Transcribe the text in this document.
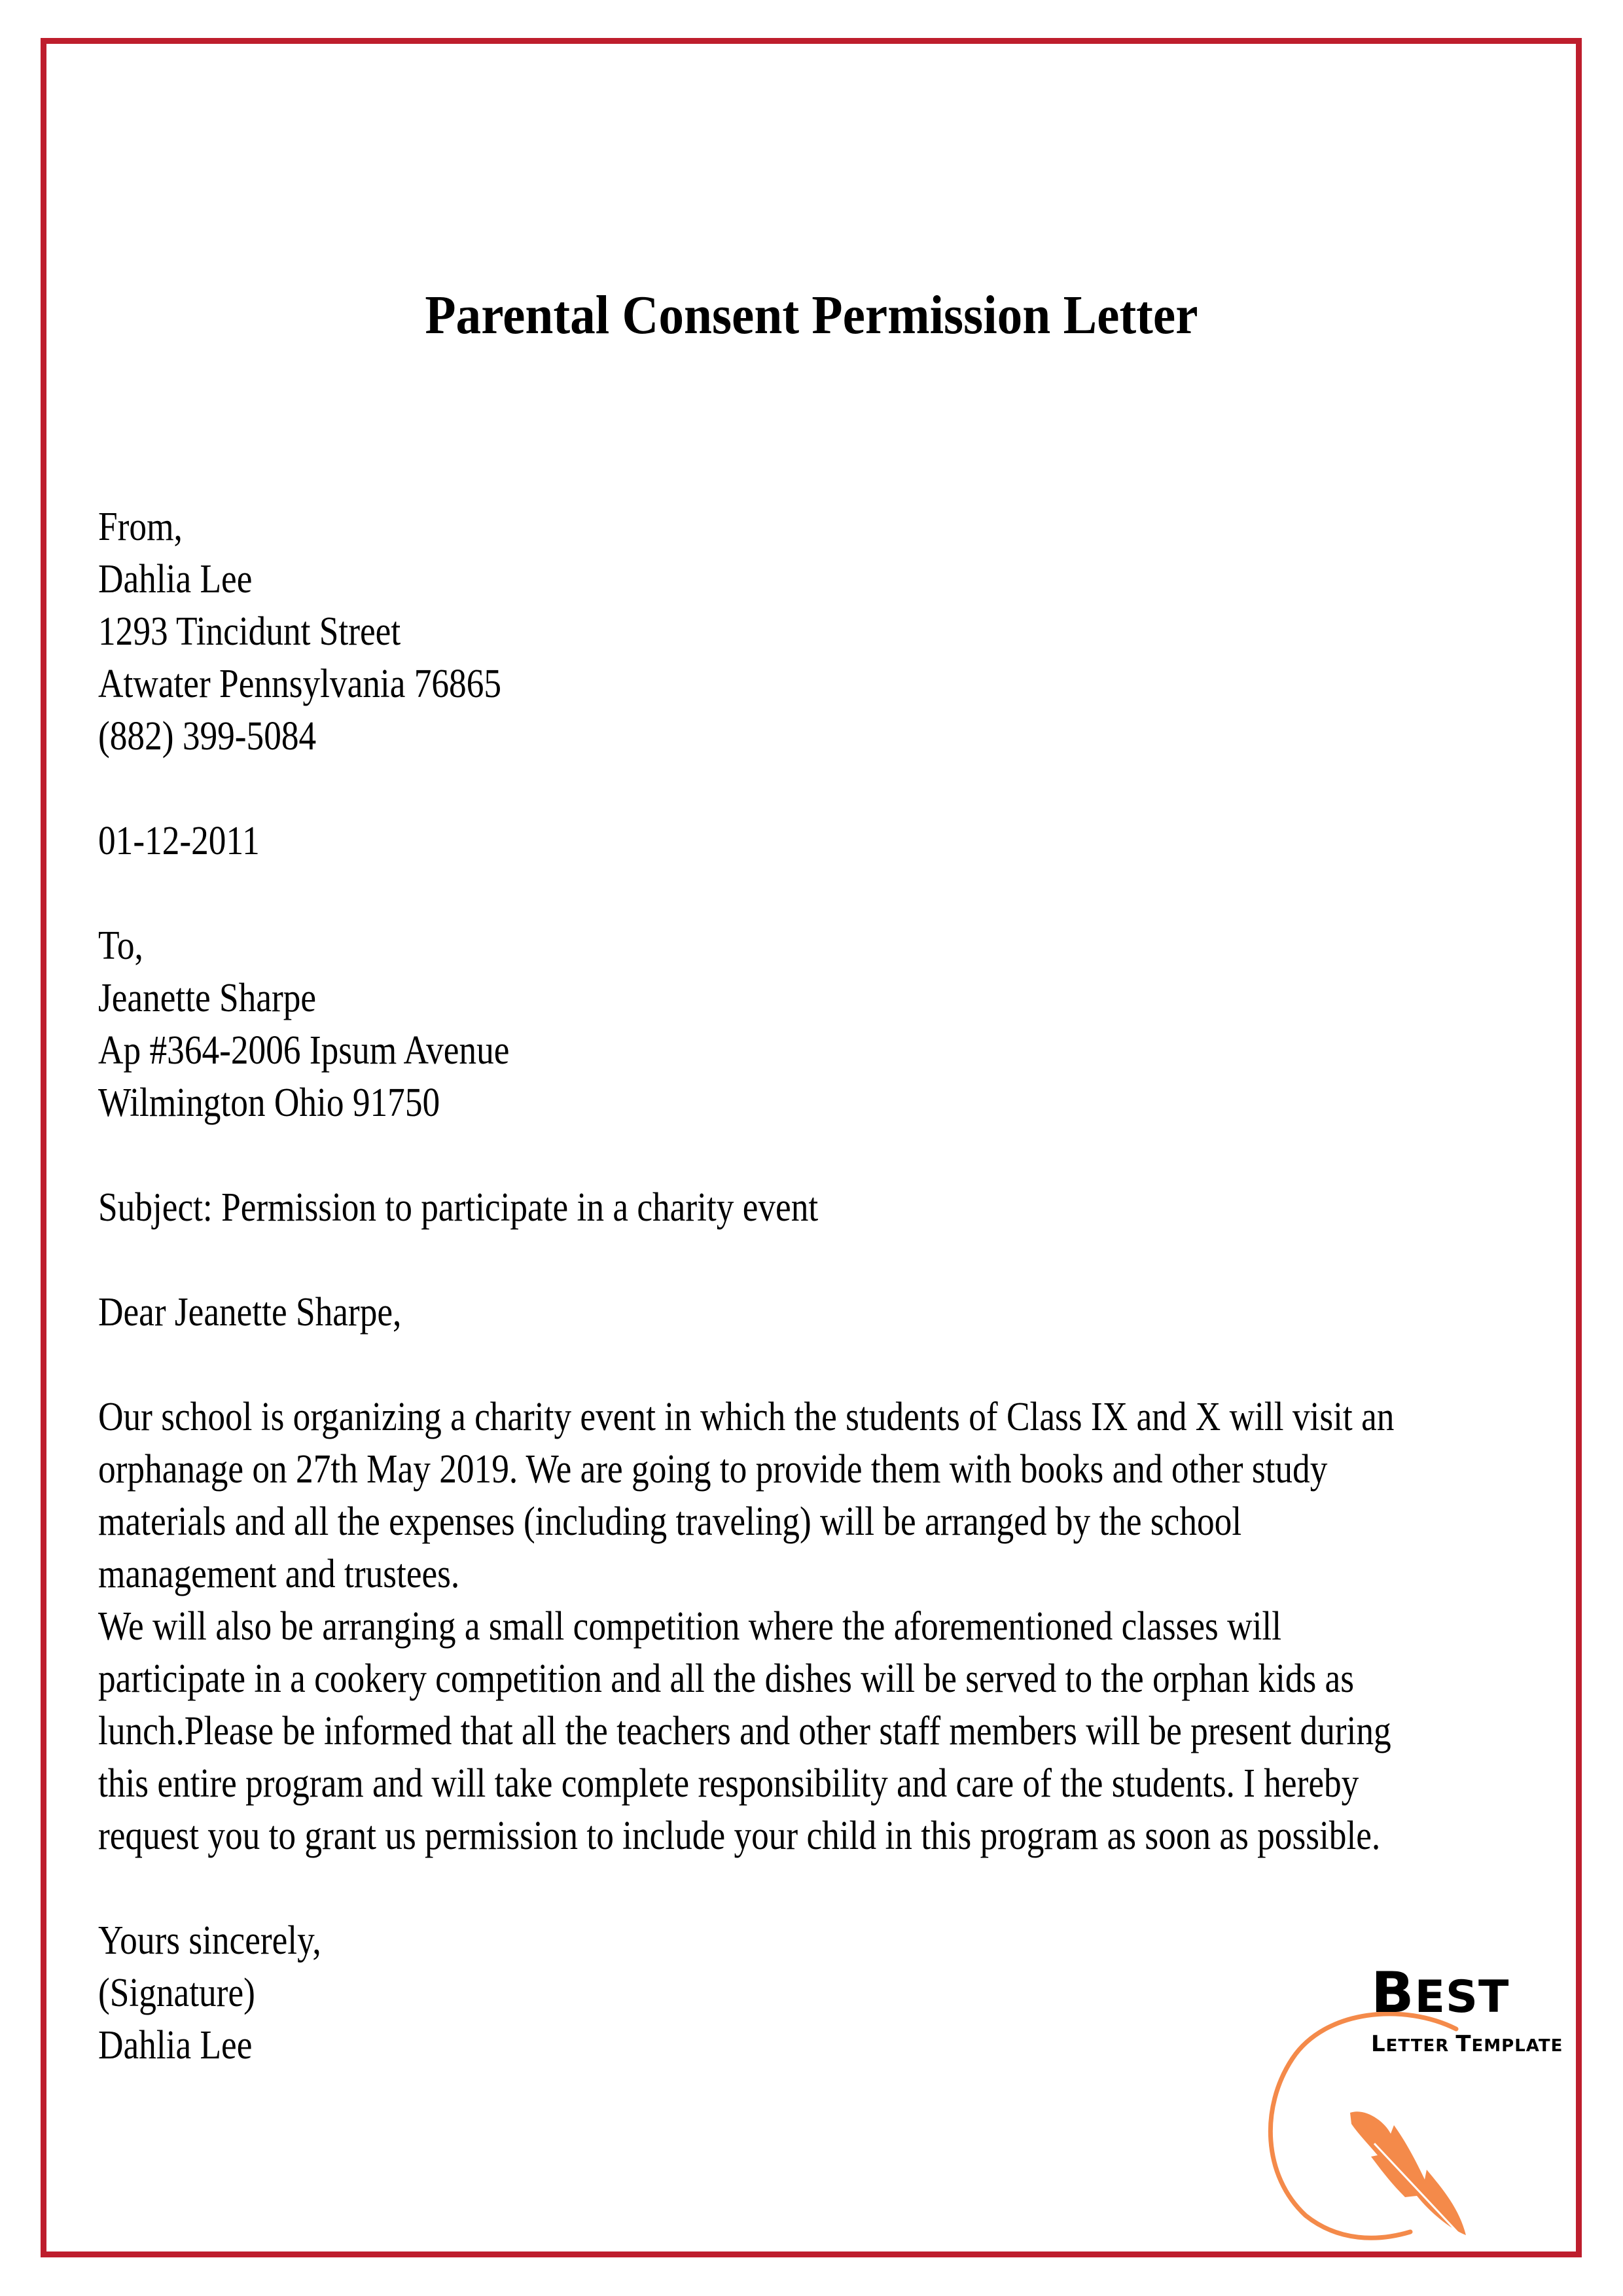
Parental Consent Permission Letter
From,
Dahlia Lee
1293 Tincidunt Street
Atwater Pennsylvania 76865
(882) 399-5084
01-12-2011
To,
Jeanette Sharpe
Ap #364-2006 Ipsum Avenue
Wilmington Ohio 91750
Subject: Permission to participate in a charity event
Dear Jeanette Sharpe,
Our school is organizing a charity event in which the students of Class IX and X will visit an
orphanage on 27th May 2019. We are going to provide them with books and other study
materials and all the expenses (including traveling) will be arranged by the school
management and trustees.
We will also be arranging a small competition where the aforementioned classes will
participate in a cookery competition and all the dishes will be served to the orphan kids as
lunch.Please be informed that all the teachers and other staff members will be present during
this entire program and will take complete responsibility and care of the students. I hereby
request you to grant us permission to include your child in this program as soon as possible.
Yours sincerely,
(Signature)
Dahlia Lee
BEST
LETTER TEMPLATE
